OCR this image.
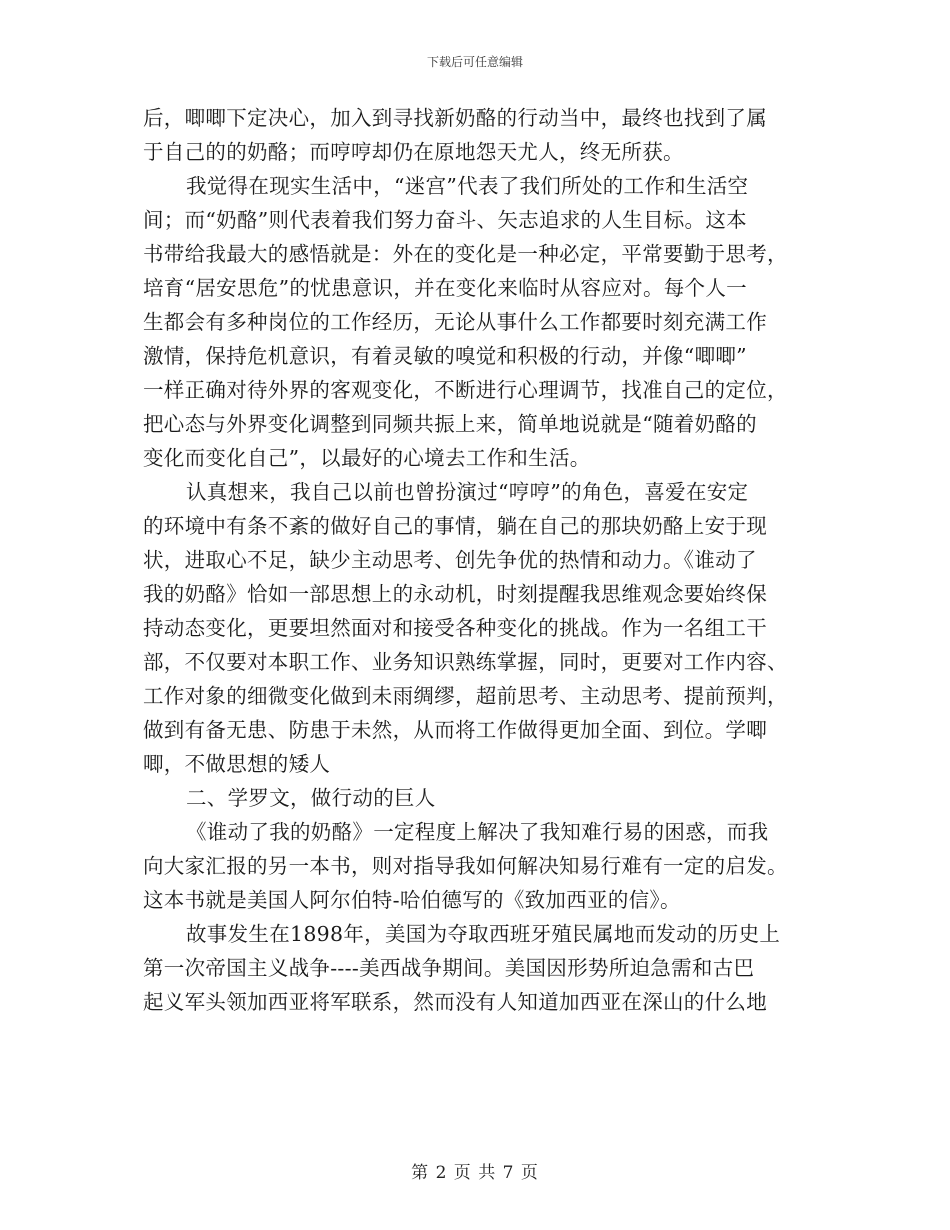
下载后可任意编辑
后，唧唧下定决心，加入到寻找新奶酪的行动当中，最终也找到了属
于自己的的奶酪；而哼哼却仍在原地怨天尤人，终无所获。
我觉得在现实生活中，“迷宫”代表了我们所处的工作和生活空
间；而“奶酪”则代表着我们努力奋斗、矢志追求的人生目标。这本
书带给我最大的感悟就是：外在的变化是一种必定，平常要勤于思考，
培育“居安思危”的忧患意识，并在变化来临时从容应对。每个人一
生都会有多种岗位的工作经历，无论从事什么工作都要时刻充满工作
激情，保持危机意识，有着灵敏的嗅觉和积极的行动，并像“唧唧”
一样正确对待外界的客观变化，不断进行心理调节，找准自己的定位，
把心态与外界变化调整到同频共振上来，简单地说就是“随着奶酪的
变化而变化自己”，以最好的心境去工作和生活。
认真想来，我自己以前也曾扮演过“哼哼”的角色，喜爱在安定
的环境中有条不紊的做好自己的事情，躺在自己的那块奶酪上安于现
状，进取心不足，缺少主动思考、创先争优的热情和动力。《谁动了
我的奶酪》恰如一部思想上的永动机，时刻提醒我思维观念要始终保
持动态变化，更要坦然面对和接受各种变化的挑战。作为一名组工干
部，不仅要对本职工作、业务知识熟练掌握，同时，更要对工作内容、
工作对象的细微变化做到未雨绸缪，超前思考、主动思考、提前预判，
做到有备无患、防患于未然，从而将工作做得更加全面、到位。学唧
唧，不做思想的矮人
二、学罗文，做行动的巨人
《谁动了我的奶酪》一定程度上解决了我知难行易的困惑，而我
向大家汇报的另一本书，则对指导我如何解决知易行难有一定的启发。
这本书就是美国人阿尔伯特-哈伯德写的《致加西亚的信》。
故事发生在1898年，美国为夺取西班牙殖民属地而发动的历史上
第一次帝国主义战争----美西战争期间。美国因形势所迫急需和古巴
起义军头领加西亚将军联系，然而没有人知道加西亚在深山的什么地
第 2 页 共 7 页
